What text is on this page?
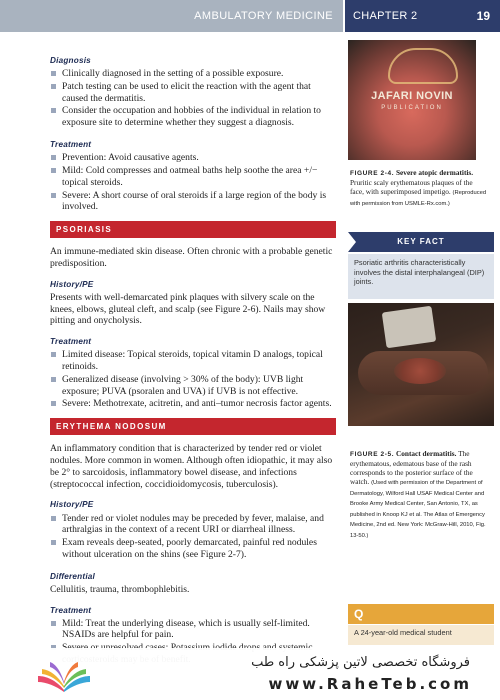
AMBULATORY MEDICINE CHAPTER 2	19
Diagnosis
Clinically diagnosed in the setting of a possible exposure.
Patch testing can be used to elicit the reaction with the agent that caused the dermatitis.
Consider the occupation and hobbies of the individual in relation to exposure site to determine whether they suggest a diagnosis.
Treatment
Prevention: Avoid causative agents.
Mild: Cold compresses and oatmeal baths help soothe the area +/− topical steroids.
Severe: A short course of oral steroids if a large region of the body is involved.
PSORIASIS

An immune-mediated skin disease. Often chronic with a probable genetic predisposition.

History/PE

Presents with well-demarcated pink plaques with silvery scale on the knees, elbows, gluteal cleft, and scalp (see Figure 2-6). Nails may show pitting and onycholysis.

Treatment
Limited disease: Topical steroids, topical vitamin D analogs, topical retinoids.
Generalized disease (involving > 30% of the body): UVB light exposure; PUVA (psoralen and UVA) if UVB is not effective.
Severe: Methotrexate, acitretin, and anti–tumor necrosis factor agents.
ERYTHEMA NODOSUM

An inflammatory condition that is characterized by tender red or violet nodules. More common in women. Although often idiopathic, it may also be 2° to sarcoidosis, inflammatory bowel disease, and infections (streptococcal infection, coccidioidomycosis, tuberculosis).

History/PE
Tender red or violet nodules may be preceded by fever, malaise, and arthralgias in the context of a recent URI or diarrheal illness.
Exam reveals deep-seated, poorly demarcated, painful red nodules without ulceration on the shins (see Figure 2-7).
Differential

Cellulitis, trauma, thrombophlebitis.

Treatment
Mild: Treat the underlying disease, which is usually self-limited. NSAIDs are helpful for pain.
JAFARI NOVIN
PUBLICATION
FIGURE 2-4. Severe atopic dermatitis. Pruritic scaly erythematous plaques of the face, with superimposed impetigo. (Reproduced with permission from USMLE-Rx.com.)
KEY FACT
Psoriatic arthritis characteristically involves the distal interphalangeal (DIP) joints.
FIGURE 2-5. Contact dermatitis. The erythematous, edematous base of the rash corresponds to the posterior surface of the watch. (Used with permission of the Department of Dermatology, Wilford Hall USAF Medical Center and Brooke Army Medical Center, San Antonio, TX, as published in Knoop KJ et al. The Atlas of Emergency Medicine, 2nd ed. New York: McGraw-Hill, 2010, Fig. 13-50.)
Q
A 24-year-old medical student
فروشگاه تخصصی لاتین پزشکی راه طب
www.RaheTeb.com
